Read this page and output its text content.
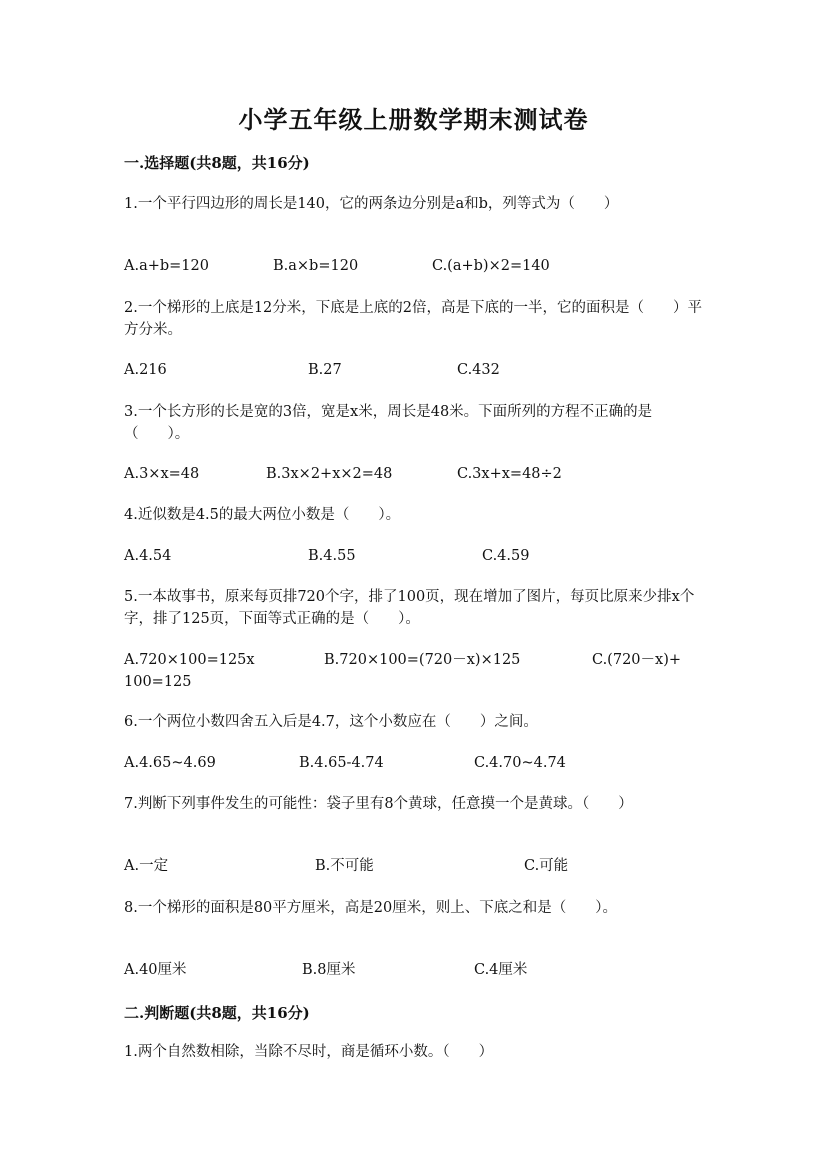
小学五年级上册数学期末测试卷
一.选择题(共8题，共16分)
1.一个平行四边形的周长是140，它的两条边分别是a和b，列等式为（　　）
A.a+b=120	B.a×b=120	C.(a+b)×2=140
2.一个梯形的上底是12分米，下底是上底的2倍，高是下底的一半，它的面积是（　　）平方分米。
A.216	B.27	C.432
3.一个长方形的长是宽的3倍，宽是x米，周长是48米。下面所列的方程不正确的是（　　）。
A.3×x=48	B.3x×2+x×2=48	C.3x+x=48÷2
4.近似数是4.5的最大两位小数是（　　）。
A.4.54	B.4.55	C.4.59
5.一本故事书，原来每页排720个字，排了100页，现在增加了图片，每页比原来少排x个字，排了125页，下面等式正确的是（　　）。
A.720×100=125x	B.720×100=(720－x)×125	C.(720－x)+
100=125
6.一个两位小数四舍五入后是4.7，这个小数应在（　　）之间。
A.4.65~4.69	B.4.65-4.74	C.4.70~4.74
7.判断下列事件发生的可能性：袋子里有8个黄球，任意摸一个是黄球。（　　）
A.一定	B.不可能	C.可能
8.一个梯形的面积是80平方厘米，高是20厘米，则上、下底之和是（　　）。
A.40厘米	B.8厘米	C.4厘米
二.判断题(共8题，共16分)
1.两个自然数相除，当除不尽时，商是循环小数。（　　）
